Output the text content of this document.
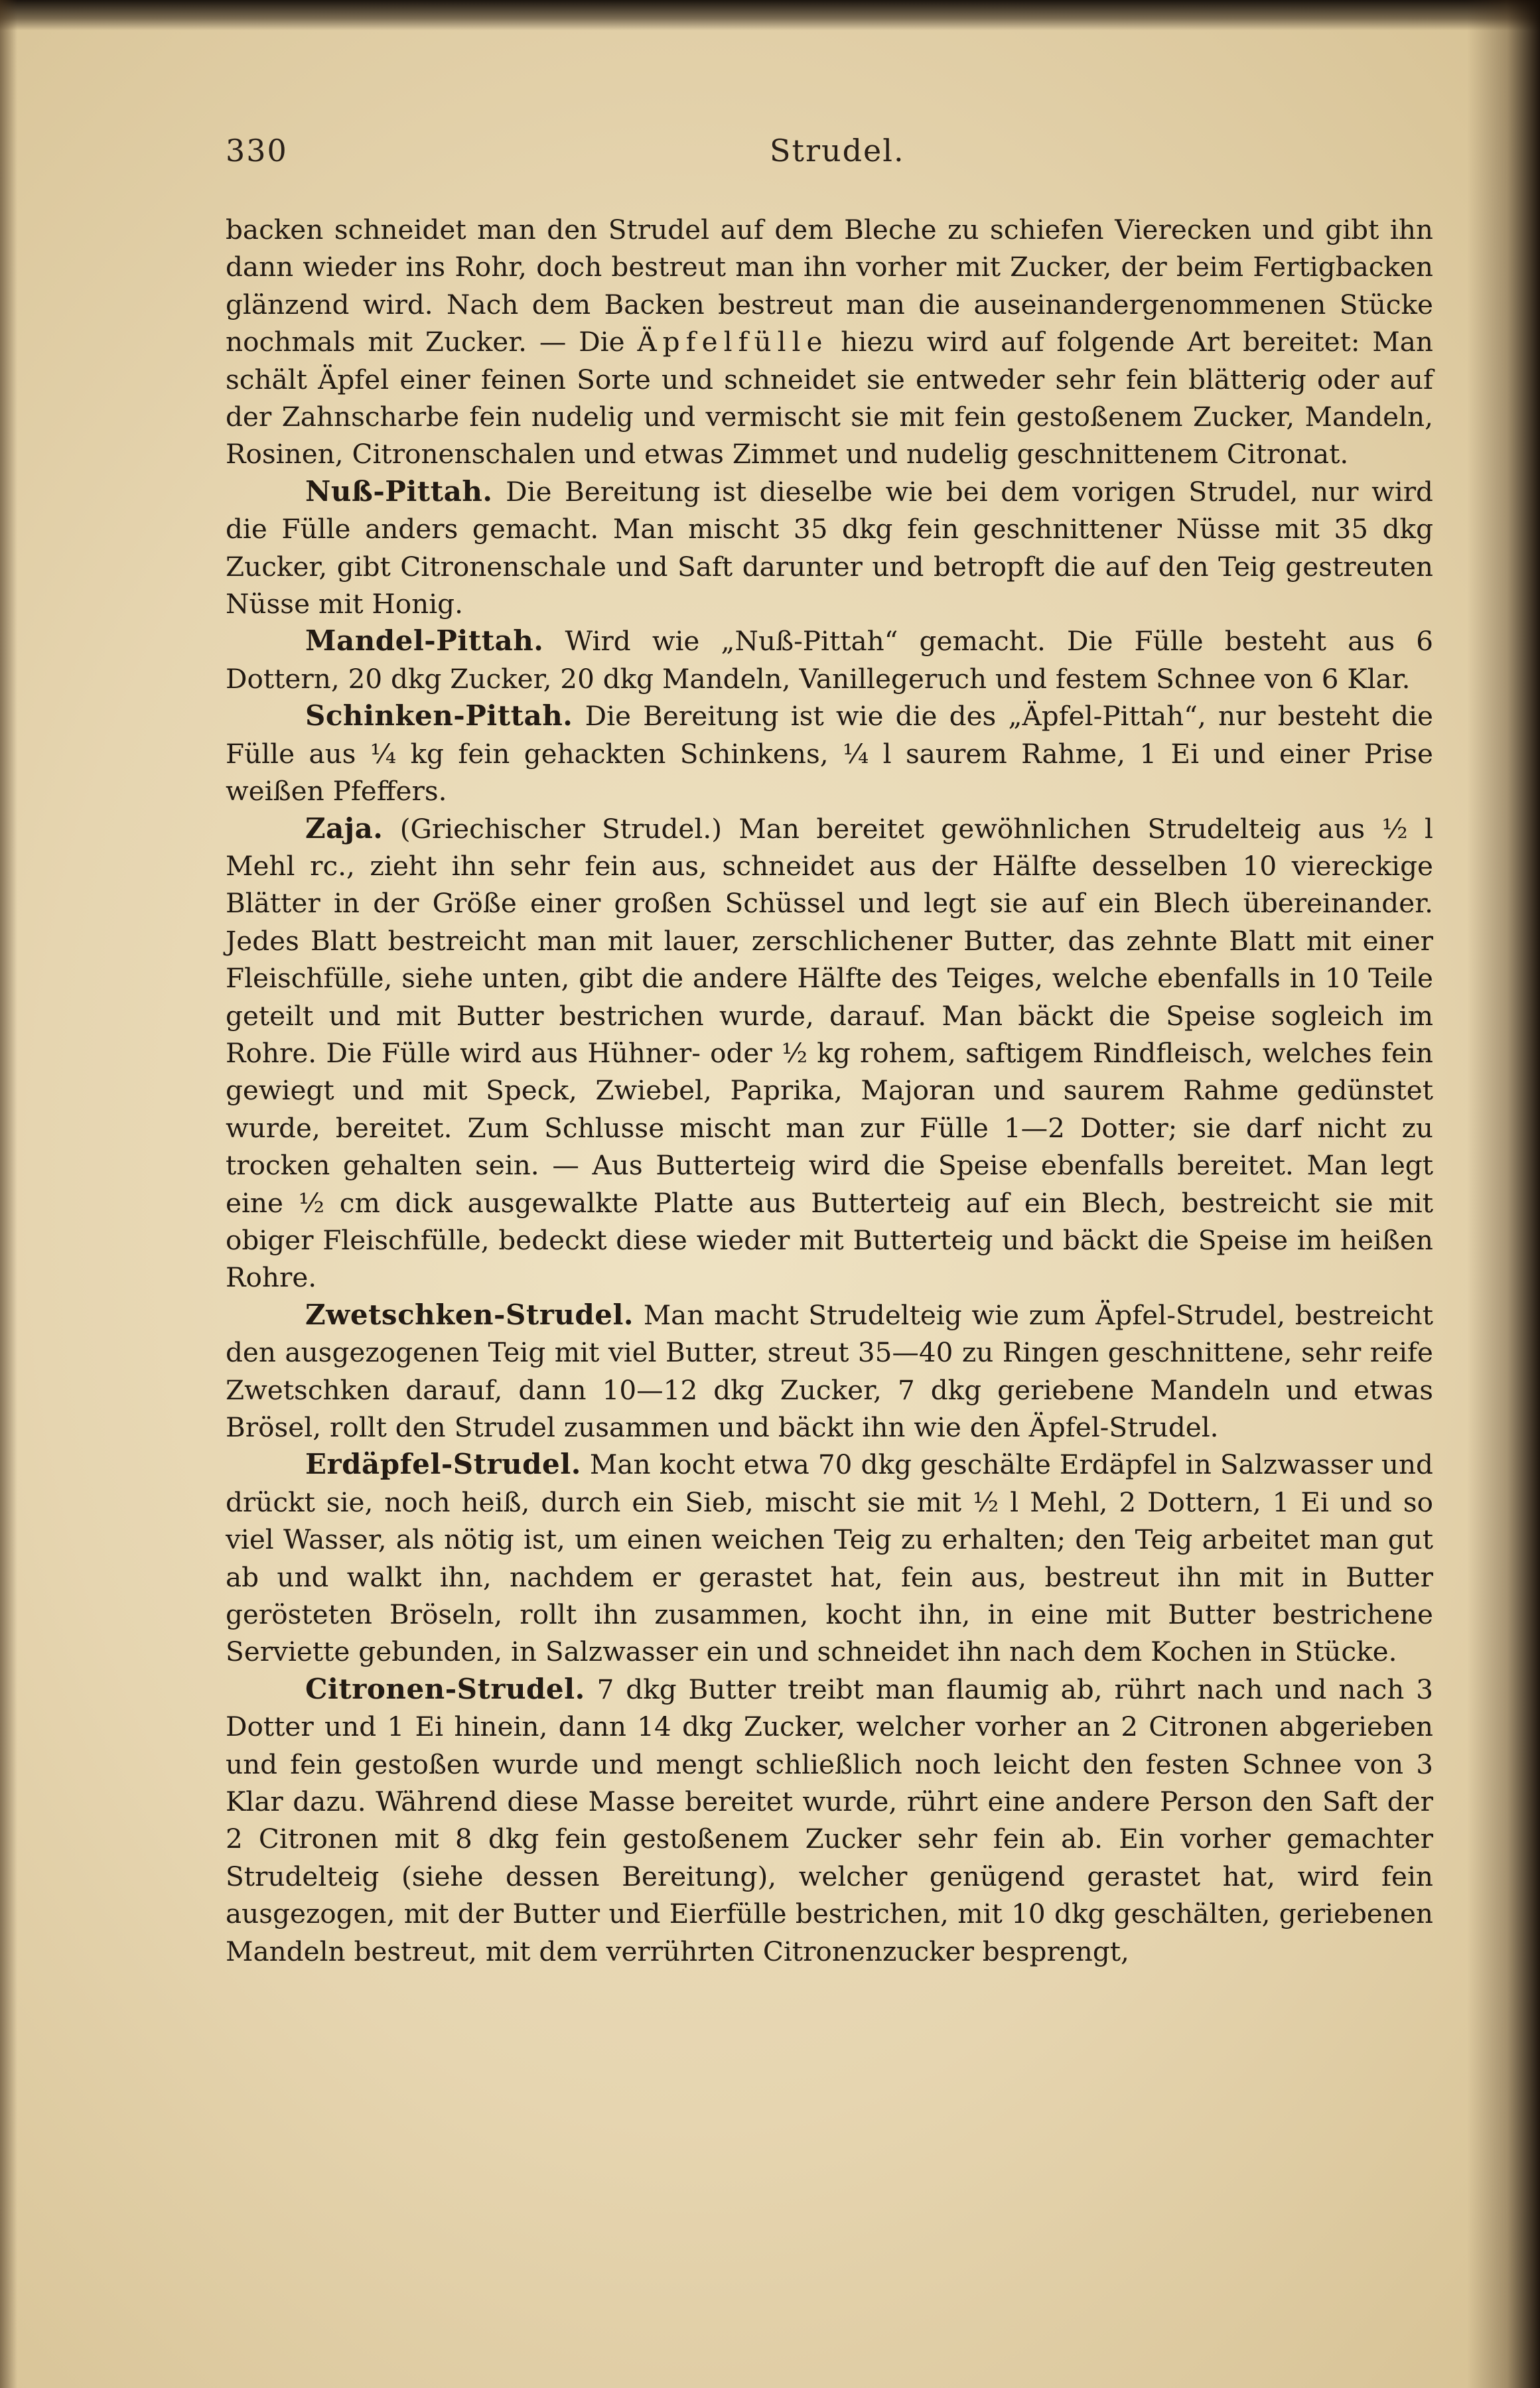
330	Strudel.

backen schneidet man den Strudel auf dem Bleche zu schiefen Vierecken und gibt ihn dann wieder ins Rohr, doch bestreut man ihn vorher mit Zucker, der beim Fertigbacken glänzend wird. Nach dem Backen bestreut man die auseinandergenommenen Stücke nochmals mit Zucker. — Die Äpfelfülle hiezu wird auf folgende Art bereitet: Man schält Äpfel einer feinen Sorte und schneidet sie entweder sehr fein blätterig oder auf der Zahnscharbe fein nudelig und vermischt sie mit fein gestoßenem Zucker, Mandeln, Rosinen, Citronenschalen und etwas Zimmet und nudelig geschnittenem Citronat.

Nuß-Pittah. Die Bereitung ist dieselbe wie bei dem vorigen Strudel, nur wird die Fülle anders gemacht. Man mischt 35 dkg fein geschnittener Nüsse mit 35 dkg Zucker, gibt Citronenschale und Saft darunter und betropft die auf den Teig gestreuten Nüsse mit Honig.

Mandel-Pittah. Wird wie „Nuß-Pittah“ gemacht. Die Fülle besteht aus 6 Dottern, 20 dkg Zucker, 20 dkg Mandeln, Vanillegeruch und festem Schnee von 6 Klar.

Schinken-Pittah. Die Bereitung ist wie die des „Äpfel-Pittah“, nur besteht die Fülle aus ¼ kg fein gehackten Schinkens, ¼ l saurem Rahme, 1 Ei und einer Prise weißen Pfeffers.

Zaja. (Griechischer Strudel.) Man bereitet gewöhnlichen Strudelteig aus ½ l Mehl rc., zieht ihn sehr fein aus, schneidet aus der Hälfte desselben 10 viereckige Blätter in der Größe einer großen Schüssel und legt sie auf ein Blech übereinander. Jedes Blatt bestreicht man mit lauer, zerschlichener Butter, das zehnte Blatt mit einer Fleischfülle, siehe unten, gibt die andere Hälfte des Teiges, welche ebenfalls in 10 Teile geteilt und mit Butter bestrichen wurde, darauf. Man bäckt die Speise sogleich im Rohre. Die Fülle wird aus Hühner- oder ½ kg rohem, saftigem Rindfleisch, welches fein gewiegt und mit Speck, Zwiebel, Paprika, Majoran und saurem Rahme gedünstet wurde, bereitet. Zum Schlusse mischt man zur Fülle 1—2 Dotter; sie darf nicht zu trocken gehalten sein. — Aus Butterteig wird die Speise ebenfalls bereitet. Man legt eine ½ cm dick ausgewalkte Platte aus Butterteig auf ein Blech, bestreicht sie mit obiger Fleischfülle, bedeckt diese wieder mit Butterteig und bäckt die Speise im heißen Rohre.

Zwetschken-Strudel. Man macht Strudelteig wie zum Äpfel-Strudel, bestreicht den ausgezogenen Teig mit viel Butter, streut 35—40 zu Ringen geschnittene, sehr reife Zwetschken darauf, dann 10—12 dkg Zucker, 7 dkg geriebene Mandeln und etwas Brösel, rollt den Strudel zusammen und bäckt ihn wie den Äpfel-Strudel.

Erdäpfel-Strudel. Man kocht etwa 70 dkg geschälte Erdäpfel in Salzwasser und drückt sie, noch heiß, durch ein Sieb, mischt sie mit ½ l Mehl, 2 Dottern, 1 Ei und so viel Wasser, als nötig ist, um einen weichen Teig zu erhalten; den Teig arbeitet man gut ab und walkt ihn, nachdem er gerastet hat, fein aus, bestreut ihn mit in Butter gerösteten Bröseln, rollt ihn zusammen, kocht ihn, in eine mit Butter bestrichene Serviette gebunden, in Salzwasser ein und schneidet ihn nach dem Kochen in Stücke.

Citronen-Strudel. 7 dkg Butter treibt man flaumig ab, rührt nach und nach 3 Dotter und 1 Ei hinein, dann 14 dkg Zucker, welcher vorher an 2 Citronen abgerieben und fein gestoßen wurde und mengt schließlich noch leicht den festen Schnee von 3 Klar dazu. Während diese Masse bereitet wurde, rührt eine andere Person den Saft der 2 Citronen mit 8 dkg fein gestoßenem Zucker sehr fein ab. Ein vorher gemachter Strudelteig (siehe dessen Bereitung), welcher genügend gerastet hat, wird fein ausgezogen, mit der Butter und Eierfülle bestrichen, mit 10 dkg geschälten, geriebenen Mandeln bestreut, mit dem verrührten Citronenzucker besprengt,
